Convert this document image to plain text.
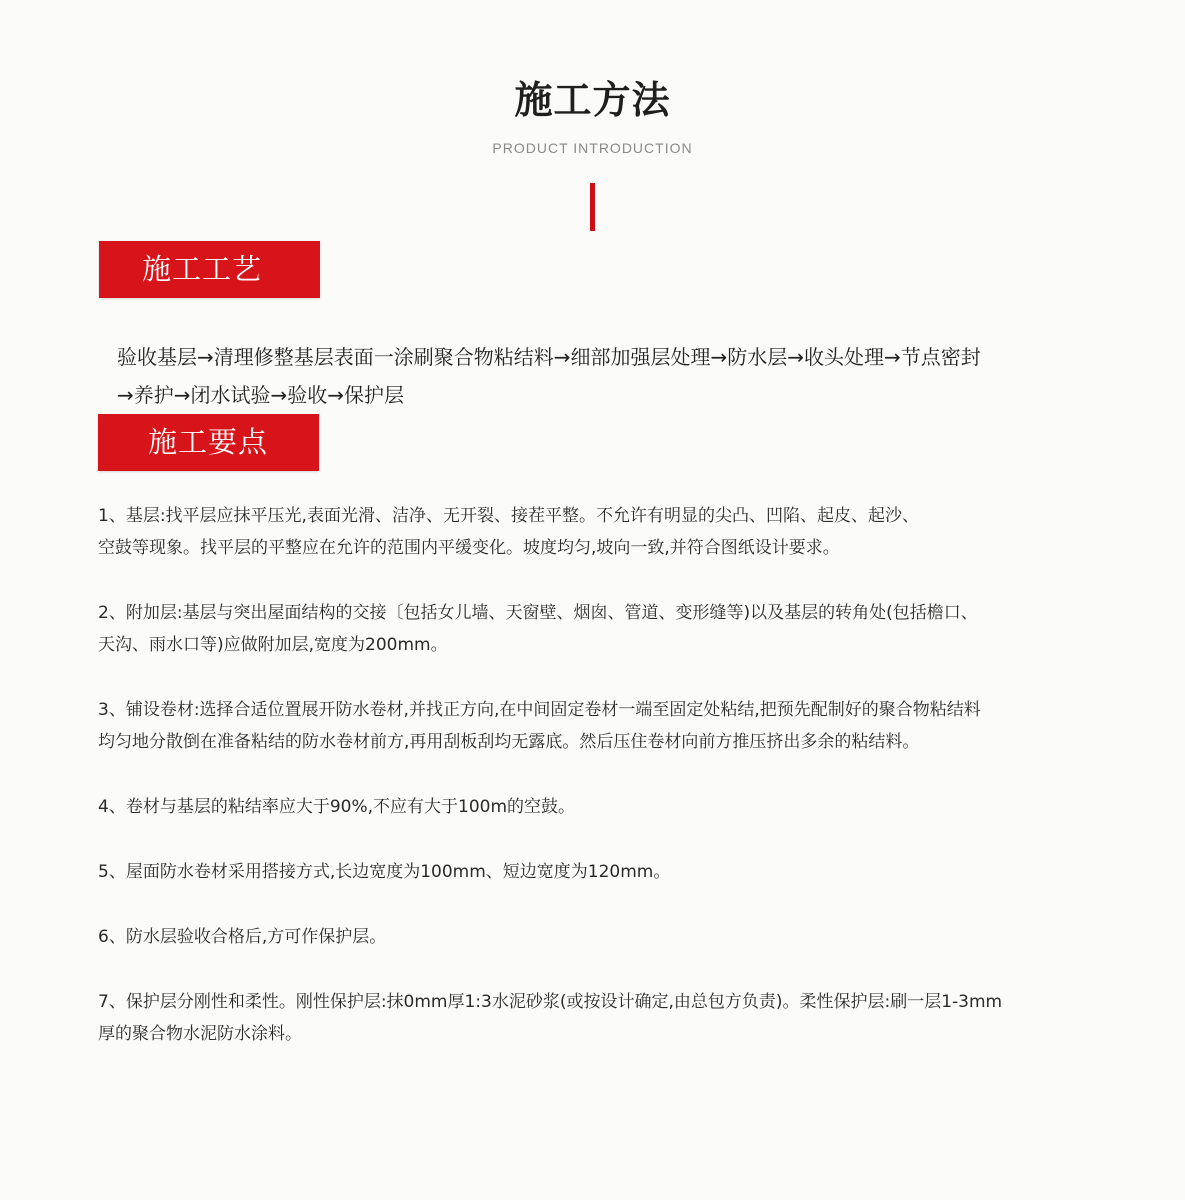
施工方法
PRODUCT INTRODUCTION
施工工艺
验收基层→清理修整基层表面一涂刷聚合物粘结料→细部加强层处理→防水层→收头处理→节点密封
→养护→闭水试验→验收→保护层
施工要点
1、基层:找平层应抹平压光,表面光滑、洁净、无开裂、接茬平整。不允许有明显的尖凸、凹陷、起皮、起沙、
空鼓等现象。找平层的平整应在允许的范围内平缓变化。坡度均匀,坡向一致,并符合图纸设计要求。
2、附加层:基层与突出屋面结构的交接〔包括女儿墙、天窗壁、烟囱、管道、变形缝等)以及基层的转角处(包括檐口、
天沟、雨水口等)应做附加层,宽度为200mm。
3、铺设卷材:选择合适位置展开防水卷材,并找正方向,在中间固定卷材一端至固定处粘结,把预先配制好的聚合物粘结料
均匀地分散倒在准备粘结的防水卷材前方,再用刮板刮均无露底。然后压住卷材向前方推压挤出多余的粘结料。
4、卷材与基层的粘结率应大于90%,不应有大于100m的空鼓。
5、屋面防水卷材采用搭接方式,长边宽度为100mm、短边宽度为120mm。
6、防水层验收合格后,方可作保护层。
7、保护层分刚性和柔性。刚性保护层:抹0mm厚1:3水泥砂浆(或按设计确定,由总包方负责)。柔性保护层:刷一层1-3mm
厚的聚合物水泥防水涂料。
